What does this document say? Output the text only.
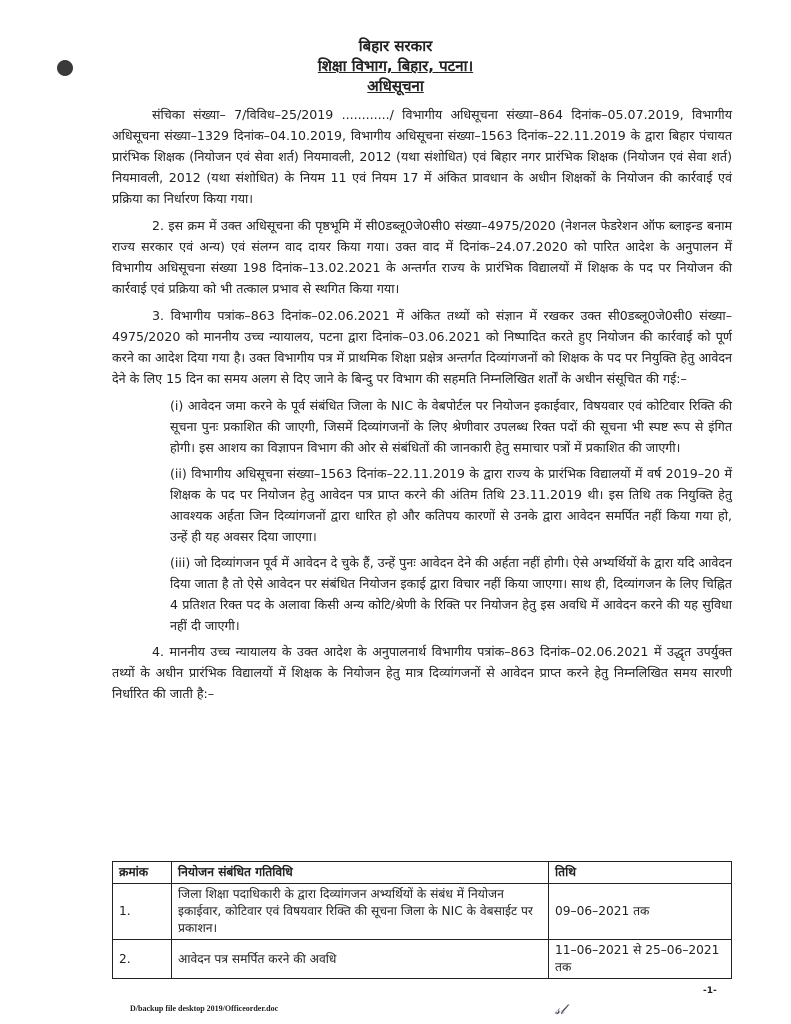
बिहार सरकार
शिक्षा विभाग, बिहार, पटना।
अधिसूचना

संचिका संख्या– 7/विविध–25/2019 ............/ विभागीय अधिसूचना संख्या–864 दिनांक–05.07.2019, विभागीय अधिसूचना संख्या–1329 दिनांक–04.10.2019, विभागीय अधिसूचना संख्या–1563 दिनांक–22.11.2019 के द्वारा बिहार पंचायत प्रारंभिक शिक्षक (नियोजन एवं सेवा शर्त) नियमावली, 2012 (यथा संशोधित) एवं बिहार नगर प्रारंभिक शिक्षक (नियोजन एवं सेवा शर्त) नियमावली, 2012 (यथा संशोधित) के नियम 11 एवं नियम 17 में अंकित प्रावधान के अधीन शिक्षकों के नियोजन की कार्रवाई एवं प्रक्रिया का निर्धारण किया गया।

2. इस क्रम में उक्त अधिसूचना की पृष्ठभूमि में सी0डब्लू0जे0सी0 संख्या–4975/2020 (नेशनल फेडरेशन ऑफ ब्लाइन्ड बनाम राज्य सरकार एवं अन्य) एवं संलग्न वाद दायर किया गया। उक्त वाद में दिनांक–24.07.2020 को पारित आदेश के अनुपालन में विभागीय अधिसूचना संख्या 198 दिनांक–13.02.2021 के अन्तर्गत राज्य के प्रारंभिक विद्यालयों में शिक्षक के पद पर नियोजन की कार्रवाई एवं प्रक्रिया को भी तत्काल प्रभाव से स्थगित किया गया।

3. विभागीय पत्रांक–863 दिनांक–02.06.2021 में अंकित तथ्यों को संज्ञान में रखकर उक्त सी0डब्लू0जे0सी0 संख्या–4975/2020 को माननीय उच्च न्यायालय, पटना द्वारा दिनांक–03.06.2021 को निष्पादित करते हुए नियोजन की कार्रवाई को पूर्ण करने का आदेश दिया गया है। उक्त विभागीय पत्र में प्राथमिक शिक्षा प्रक्षेत्र अन्तर्गत दिव्यांगजनों को शिक्षक के पद पर नियुक्ति हेतु आवेदन देने के लिए 15 दिन का समय अलग से दिए जाने के बिन्दु पर विभाग की सहमति निम्नलिखित शर्तों के अधीन संसूचित की गई:–

(i) आवेदन जमा करने के पूर्व संबंधित जिला के NIC के वेबपोर्टल पर नियोजन इकाईवार, विषयवार एवं कोटिवार रिक्ति की सूचना पुनः प्रकाशित की जाएगी, जिसमें दिव्यांगजनों के लिए श्रेणीवार उपलब्ध रिक्त पदों की सूचना भी स्पष्ट रूप से इंगित होगी। इस आशय का विज्ञापन विभाग की ओर से संबंधितों की जानकारी हेतु समाचार पत्रों में प्रकाशित की जाएगी।

(ii) विभागीय अधिसूचना संख्या–1563 दिनांक–22.11.2019 के द्वारा राज्य के प्रारंभिक विद्यालयों में वर्ष 2019–20 में शिक्षक के पद पर नियोजन हेतु आवेदन पत्र प्राप्त करने की अंतिम तिथि 23.11.2019 थी। इस तिथि तक नियुक्ति हेतु आवश्यक अर्हता जिन दिव्यांगजनों द्वारा धारित हो और कतिपय कारणों से उनके द्वारा आवेदन समर्पित नहीं किया गया हो, उन्हें ही यह अवसर दिया जाएगा।

(iii) जो दिव्यांगजन पूर्व में आवेदन दे चुके हैं, उन्हें पुनः आवेदन देने की अर्हता नहीं होगी। ऐसे अभ्यर्थियों के द्वारा यदि आवेदन दिया जाता है तो ऐसे आवेदन पर संबंधित नियोजन इकाई द्वारा विचार नहीं किया जाएगा। साथ ही, दिव्यांगजन के लिए चिह्नित 4 प्रतिशत रिक्त पद के अलावा किसी अन्य कोटि/श्रेणी के रिक्ति पर नियोजन हेतु इस अवधि में आवेदन करने की यह सुविधा नहीं दी जाएगी।

4. माननीय उच्च न्यायालय के उक्त आदेश के अनुपालनार्थ विभागीय पत्रांक–863 दिनांक–02.06.2021 में उद्धृत उपर्युक्त तथ्यों के अधीन प्रारंभिक विद्यालयों में शिक्षक के नियोजन हेतु मात्र दिव्यांगजनों से आवेदन प्राप्त करने हेतु निम्नलिखित समय सारणी निर्धारित की जाती है:–

क्रमांक	नियोजन संबंधित गतिविधि	तिथि
1.	जिला शिक्षा पदाधिकारी के द्वारा दिव्यांगजन अभ्यर्थियों के संबंध में नियोजन इकाईवार, कोटिवार एवं विषयवार रिक्ति की सूचना जिला के NIC के वेबसाईट पर प्रकाशन।	09–06–2021 तक
2.	आवेदन पत्र समर्पित करने की अवधि	11–06–2021 से 25–06–2021 तक
-1-
D/backup file desktop 2019/Officeorder.doc	𝓈𝓁
